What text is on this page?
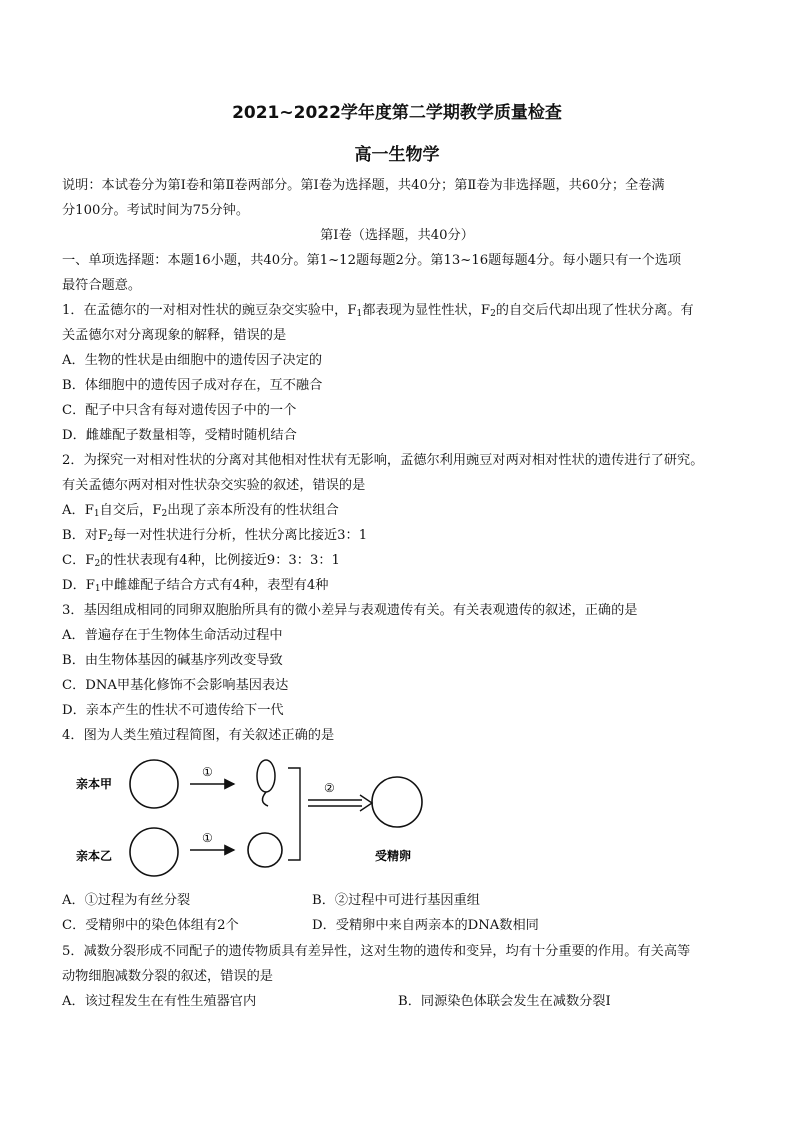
2021~2022学年度第二学期教学质量检查
高一生物学
说明：本试卷分为第Ⅰ卷和第Ⅱ卷两部分。第Ⅰ卷为选择题，共40分；第Ⅱ卷为非选择题，共60分；全卷满
分100分。考试时间为75分钟。
第Ⅰ卷（选择题，共40分）
一、单项选择题：本题16小题，共40分。第1~12题每题2分。第13~16题每题4分。每小题只有一个选项
最符合题意。
1．在孟德尔的一对相对性状的豌豆杂交实验中，$F_1$都表现为显性性状，$F_2$的自交后代却出现了性状分离。有
关孟德尔对分离现象的解释，错误的是
A．生物的性状是由细胞中的遗传因子决定的
B．体细胞中的遗传因子成对存在，互不融合
C．配子中只含有每对遗传因子中的一个
D．雌雄配子数量相等，受精时随机结合
2．为探究一对相对性状的分离对其他相对性状有无影响，孟德尔利用豌豆对两对相对性状的遗传进行了研究。
有关孟德尔两对相对性状杂交实验的叙述，错误的是
A．$F_1$自交后，$F_2$出现了亲本所没有的性状组合
B．对$F_2$每一对性状进行分析，性状分离比接近3：1
C．$F_2$的性状表现有4种，比例接近9：3：3：1
D．$F_1$中雌雄配子结合方式有4种，表型有4种
3．基因组成相同的同卵双胞胎所具有的微小差异与表观遗传有关。有关表观遗传的叙述，正确的是
A．普遍存在于生物体生命活动过程中
B．由生物体基因的碱基序列改变导致
C．DNA甲基化修饰不会影响基因表达
D．亲本产生的性状不可遗传给下一代
4．图为人类生殖过程简图，有关叙述正确的是
亲本甲
亲本乙
①
①
②
受精卵
A．①过程为有丝分裂	B．②过程中可进行基因重组
C．受精卵中的染色体组有2个	D．受精卵中来自两亲本的DNA数相同
5．减数分裂形成不同配子的遗传物质具有差异性，这对生物的遗传和变异，均有十分重要的作用。有关高等
动物细胞减数分裂的叙述，错误的是
A．该过程发生在有性生殖器官内	B．同源染色体联会发生在减数分裂Ⅰ
